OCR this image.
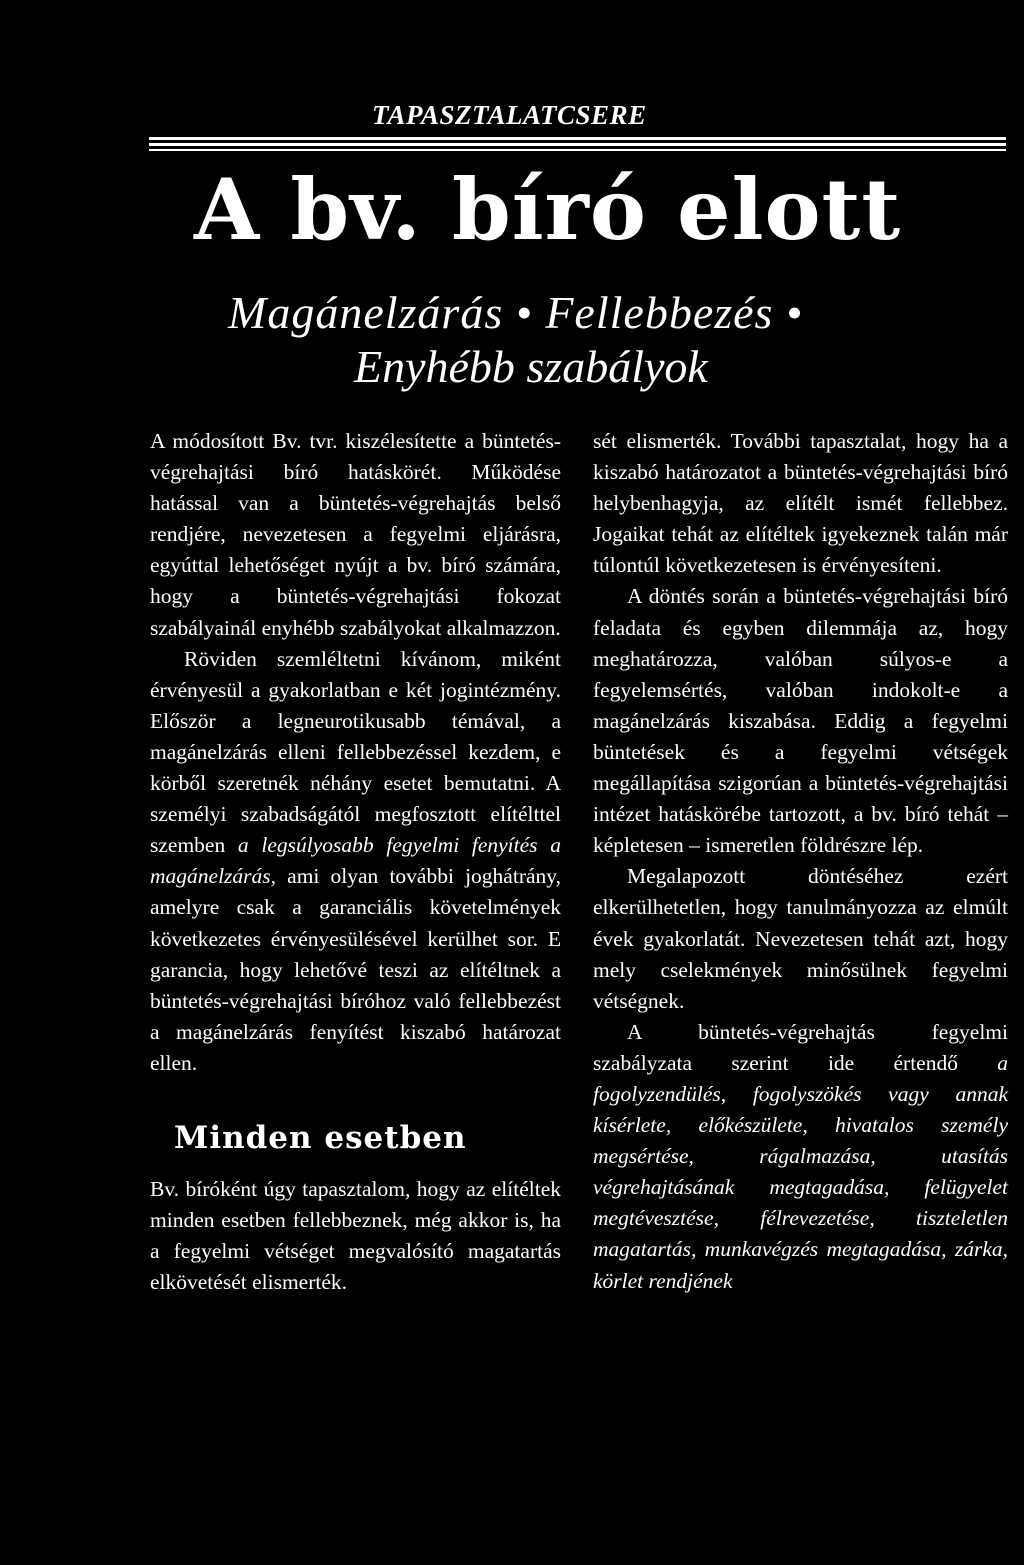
TAPASZTALATCSERE
A bv. bíró elott
Magánelzárás • Fellebbezés •
Enyhébb szabályok

A módosított Bv. tvr. kiszélesítette a büntetés-végrehajtási bíró hatáskörét. Működése hatással van a büntetés-végrehajtás belső rendjére, nevezetesen a fegyelmi eljárásra, egyúttal lehetőséget nyújt a bv. bíró számára, hogy a büntetés-végrehajtási fokozat szabályainál enyhébb szabályokat alkalmazzon.

Röviden szemléltetni kívánom, miként érvényesül a gyakorlatban e két jogintézmény. Először a legneurotikusabb témával, a magánelzárás elleni fellebbezéssel kezdem, e körből szeretnék néhány esetet bemutatni. A személyi szabadságától megfosztott elítélttel szemben a legsúlyosabb fegyelmi fenyítés a magánelzárás, ami olyan további joghátrány, amelyre csak a garanciális követelmények következetes érvényesülésével kerülhet sor. E garancia, hogy lehetővé teszi az elítéltnek a büntetés-végrehajtási bíróhoz való fellebbezést a magánelzárás fenyítést kiszabó határozat ellen.

Minden esetben

Bv. bíróként úgy tapasztalom, hogy az elítéltek minden esetben fellebbeznek, még akkor is, ha a fegyelmi vétséget megvalósító magatartás elkövetését elismerték.

sét elismerték. További tapasztalat, hogy ha a kiszabó határozatot a büntetés-végrehajtási bíró helybenhagyja, az elítélt ismét fellebbez. Jogaikat tehát az elítéltek igyekeznek talán már túlontúl következetesen is érvényesíteni.

A döntés során a büntetés-végrehajtási bíró feladata és egyben dilemmája az, hogy meghatározza, valóban súlyos-e a fegyelemsértés, valóban indokolt-e a magánelzárás kiszabása. Eddig a fegyelmi büntetések és a fegyelmi vétségek megállapítása szigorúan a büntetés-végrehajtási intézet hatáskörébe tartozott, a bv. bíró tehát – képletesen – ismeretlen földrészre lép.

Megalapozott döntéséhez ezért elkerülhetetlen, hogy tanulmányozza az elmúlt évek gyakorlatát. Nevezetesen tehát azt, hogy mely cselekmények minősülnek fegyelmi vétségnek.

A büntetés-végrehajtás fegyelmi szabályzata szerint ide értendő a fogolyzendülés, fogolyszökés vagy annak kísérlete, előkészülete, hivatalos személy megsértése, rágalmazása, utasítás végrehajtásának megtagadása, felügyelet megtévesztése, félrevezetése, tiszteletlen magatartás, munkavégzés megtagadása, zárka, körlet rendjének
